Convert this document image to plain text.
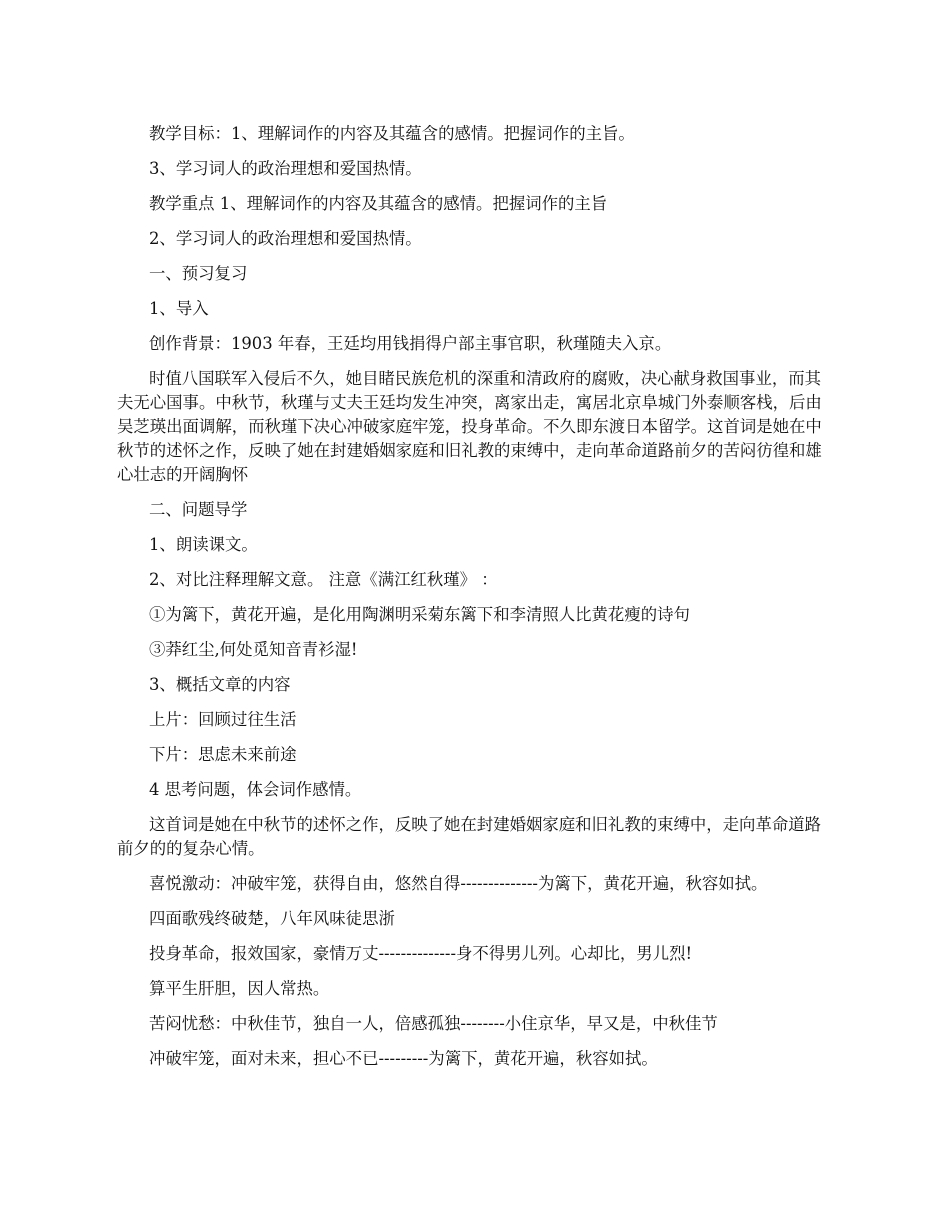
教学目标：1、理解词作的内容及其蕴含的感情。把握词作的主旨。

3、学习词人的政治理想和爱国热情。

教学重点 1、理解词作的内容及其蕴含的感情。把握词作的主旨

2、学习词人的政治理想和爱国热情。

一、预习复习

1、导入

创作背景：1903 年春，王廷均用钱捐得户部主事官职，秋瑾随夫入京。

时值八国联军入侵后不久，她目睹民族危机的深重和清政府的腐败，决心献身救国事业，而其夫无心国事。中秋节，秋瑾与丈夫王廷均发生冲突，离家出走，寓居北京阜城门外泰顺客栈，后由吴芝瑛出面调解，而秋瑾下决心冲破家庭牢笼，投身革命。不久即东渡日本留学。这首词是她在中秋节的述怀之作，反映了她在封建婚姻家庭和旧礼教的束缚中，走向革命道路前夕的苦闷彷徨和雄心壮志的开阔胸怀

二、问题导学

1、朗读课文。

2、对比注释理解文意。 注意《满江红秋瑾》 ：

①为篱下，黄花开遍，是化用陶渊明采菊东篱下和李清照人比黄花瘦的诗句

③莽红尘,何处觅知音青衫湿!

3、概括文章的内容

上片：回顾过往生活

下片：思虑未来前途

4 思考问题，体会词作感情。

这首词是她在中秋节的述怀之作，反映了她在封建婚姻家庭和旧礼教的束缚中，走向革命道路前夕的的复杂心情。

喜悦激动：冲破牢笼，获得自由，悠然自得--------------为篱下，黄花开遍，秋容如拭。

四面歌残终破楚，八年风味徒思浙

投身革命，报效国家，豪情万丈--------------身不得男儿列。心却比，男儿烈!

算平生肝胆，因人常热。

苦闷忧愁：中秋佳节，独自一人，倍感孤独--------小住京华，早又是，中秋佳节

冲破牢笼，面对未来，担心不已---------为篱下，黄花开遍，秋容如拭。
